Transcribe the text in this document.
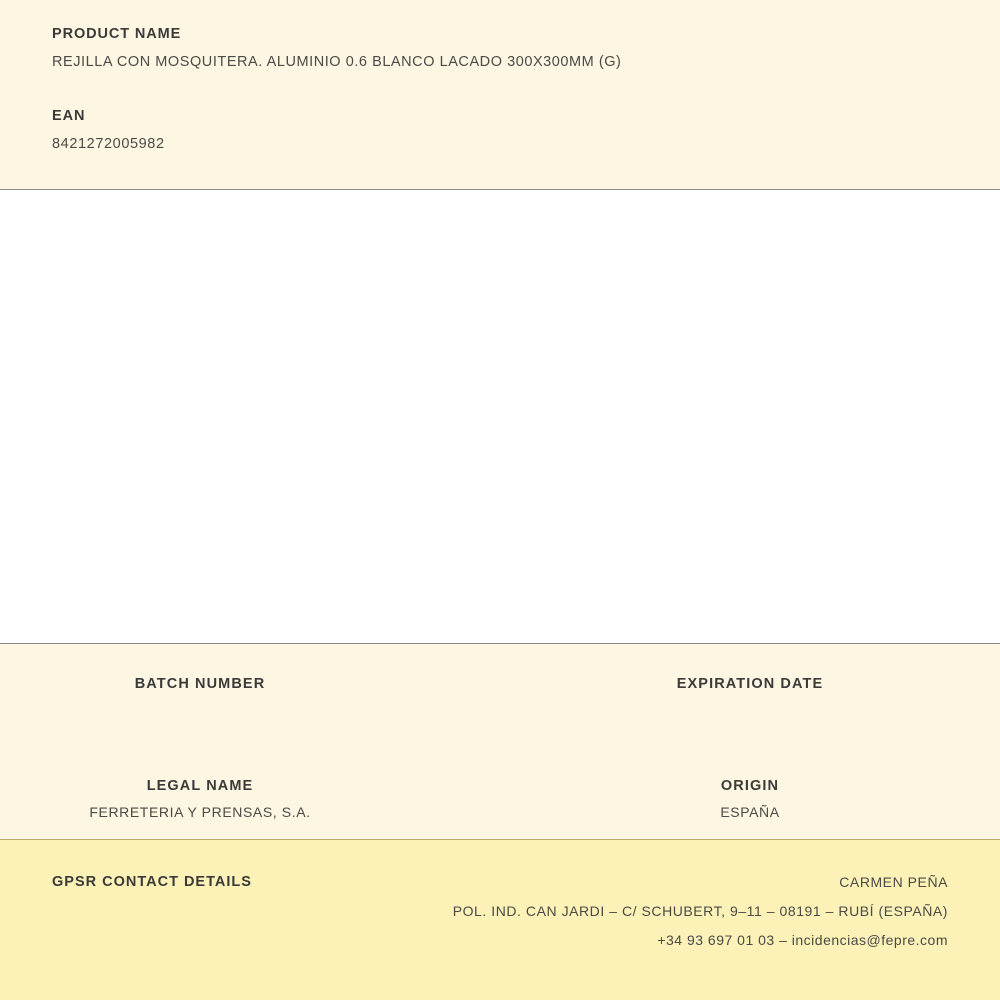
PRODUCT NAME
REJILLA CON MOSQUITERA. ALUMINIO 0.6 BLANCO LACADO 300X300MM (G)
EAN
8421272005982
BATCH NUMBER	EXPIRATION DATE
LEGAL NAME
FERRETERIA Y PRENSAS, S.A.
ORIGIN
ESPAÑA
GPSR CONTACT DETAILS	CARMEN PEÑA
POL. IND. CAN JARDI – C/ SCHUBERT, 9–11 – 08191 – RUBÍ (ESPAÑA)
+34 93 697 01 03 – incidencias@fepre.com
